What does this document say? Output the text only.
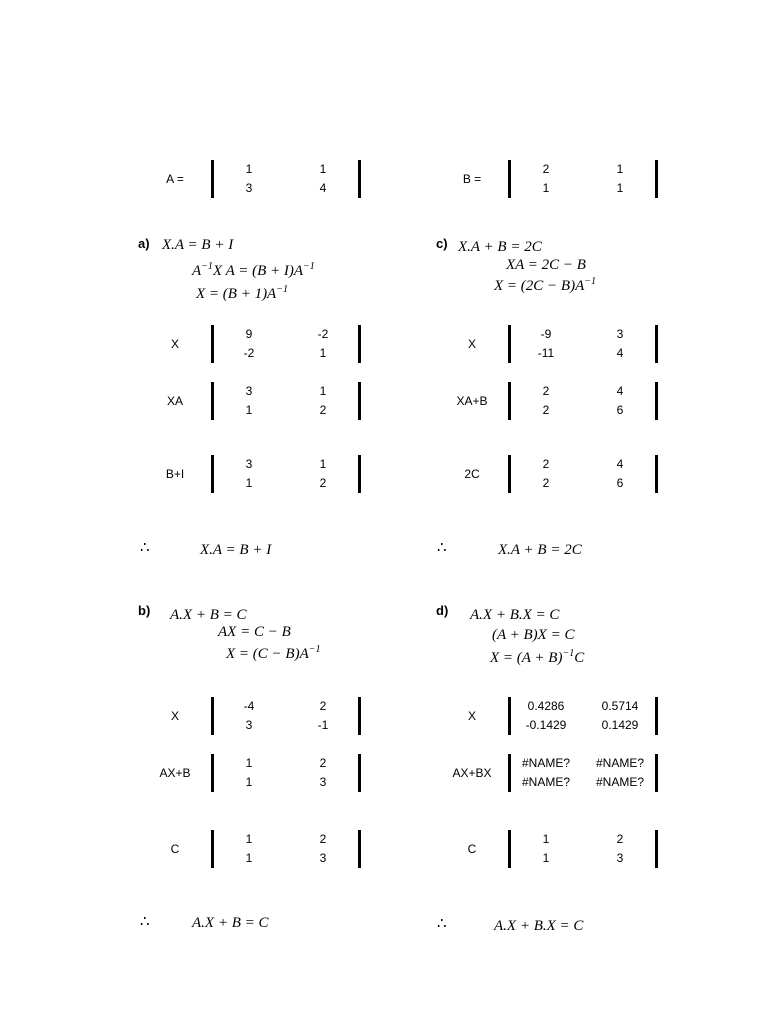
A =
1	1
3	4
B =
2	1
1	1
a) X.A = B + I
$A^{-1}X$ $A = (B + I)A^{-1}$
$X = (B + 1)A^{-1}$
c) X.A + B = 2C
XA = 2C − B
$X = (2C - B)A^{-1}$
b) A.X + B = C
AX = C − B
$X = (C - B)A^{-1}$
d) A.X + B.X = C
(A + B)X = C
$X = (A + B)^{-1}C$
X
9	-2
-2	1
XA
3	1
1	2
B+I
3	1
1	2
X
-9	3
-11	4
XA+B
2	4
2	6
2C
2	4
2	6
X
-4	2
3	-1
AX+B
1	2
1	3
C
1	2
1	3
X
0.4286	0.5714
-0.1429	0.1429
AX+BX
#NAME?	#NAME?
#NAME?	#NAME?
C
1	2
1	3
∴	X.A = B + I	∴	X.A + B = 2C
∴	A.X + B = C	∴	A.X + B.X = C
